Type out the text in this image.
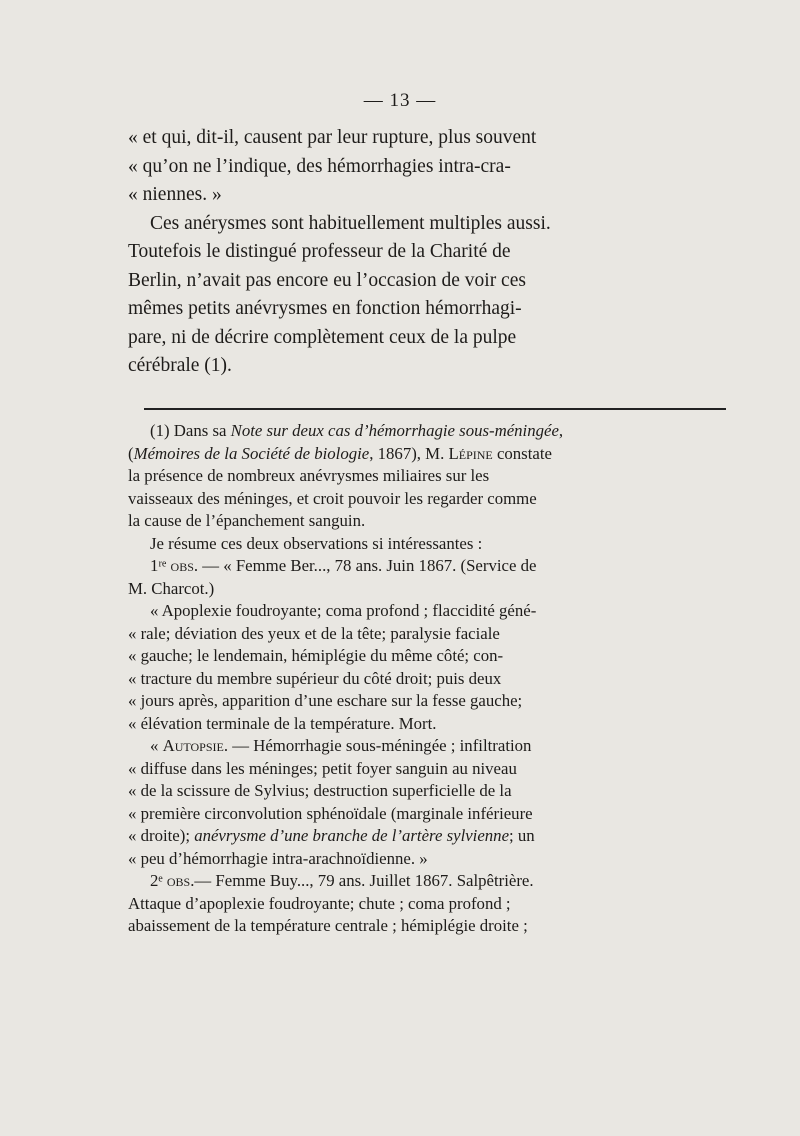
— 13 —
« et qui, dit-il, causent par leur rupture, plus souvent
« qu’on ne l’indique, des hémorrhagies intra-cra-
« niennes. »
Ces anérysmes sont habituellement multiples aussi.
Toutefois le distingué professeur de la Charité de
Berlin, n’avait pas encore eu l’occasion de voir ces
mêmes petits anévrysmes en fonction hémorrhagi-
pare, ni de décrire complètement ceux de la pulpe
cérébrale (1).
(1) Dans sa Note sur deux cas d’hémorrhagie sous-méningée,
(Mémoires de la Société de biologie, 1867), M. Lépine constate
la présence de nombreux anévrysmes miliaires sur les
vaisseaux des méninges, et croit pouvoir les regarder comme
la cause de l’épanchement sanguin.
Je résume ces deux observations si intéressantes :
1ʳᵉ obs. — « Femme Ber..., 78 ans. Juin 1867. (Service de
M. Charcot.)
« Apoplexie foudroyante; coma profond ; flaccidité géné-
« rale; déviation des yeux et de la tête; paralysie faciale
« gauche; le lendemain, hémiplégie du même côté; con-
« tracture du membre supérieur du côté droit; puis deux
« jours après, apparition d’une eschare sur la fesse gauche;
« élévation terminale de la température. Mort.
« Autopsie. — Hémorrhagie sous-méningée ; infiltration
« diffuse dans les méninges; petit foyer sanguin au niveau
« de la scissure de Sylvius; destruction superficielle de la
« première circonvolution sphénoïdale (marginale inférieure
« droite); anévrysme d’une branche de l’artère sylvienne; un
« peu d’hémorrhagie intra-arachnoïdienne. »
2ᵉ obs.— Femme Buy..., 79 ans. Juillet 1867. Salpêtrière.
Attaque d’apoplexie foudroyante; chute ; coma profond ;
abaissement de la température centrale ; hémiplégie droite ;
